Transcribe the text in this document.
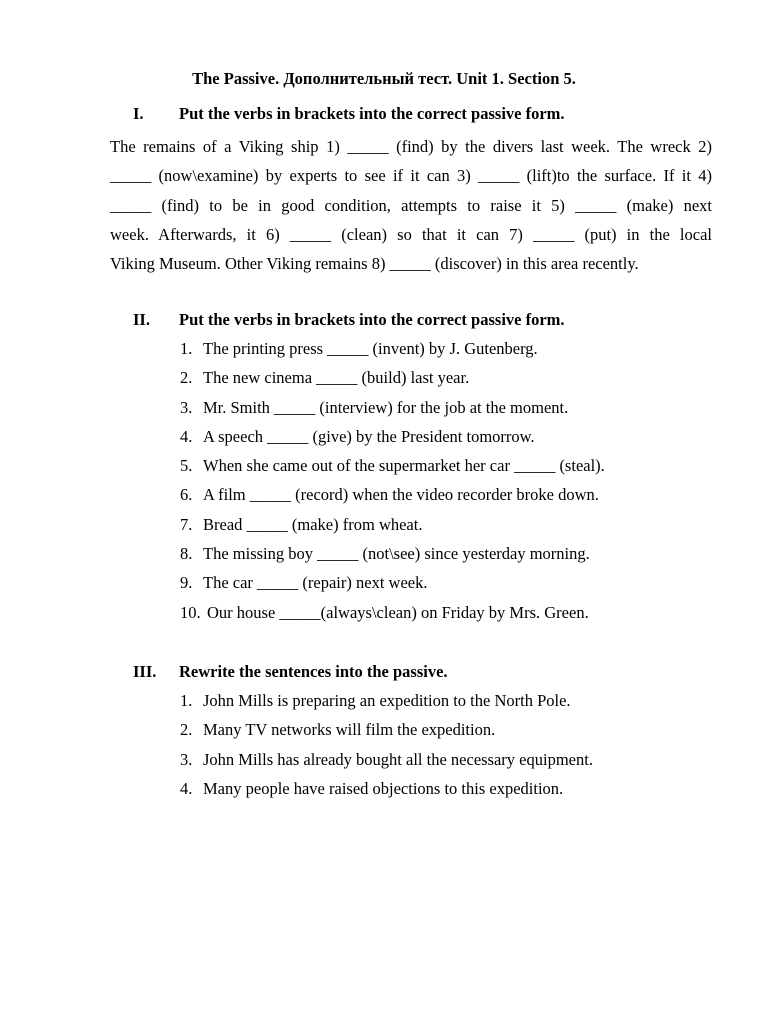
The Passive. Дополнительный тест. Unit 1. Section 5.
I. Put the verbs in brackets into the correct passive form.

The remains of a Viking ship 1) _____ (find) by the divers last week. The wreck 2)
_____ (now\examine) by experts to see if it can 3) _____ (lift)to the surface. If it 4)
_____ (find) to be in good condition, attempts to raise it 5) _____ (make) next
week. Afterwards, it 6) _____ (clean) so that it can 7) _____ (put) in the local
Viking Museum. Other Viking remains 8) _____ (discover) in this area recently.

II. Put the verbs in brackets into the correct passive form.
1. The printing press _____ (invent) by J. Gutenberg.
2. The new cinema _____ (build) last year.
3. Mr. Smith _____ (interview) for the job at the moment.
4. A speech _____ (give) by the President tomorrow.
5. When she came out of the supermarket her car _____ (steal).
6. A film _____ (record) when the video recorder broke down.
7. Bread _____ (make) from wheat.
8. The missing boy _____ (not\see) since yesterday morning.
9. The car _____ (repair) next week.
10. Our house _____(always\clean) on Friday by Mrs. Green.
III. Rewrite the sentences into the passive.
1. John Mills is preparing an expedition to the North Pole.
2. Many TV networks will film the expedition.
3. John Mills has already bought all the necessary equipment.
4. Many people have raised objections to this expedition.
